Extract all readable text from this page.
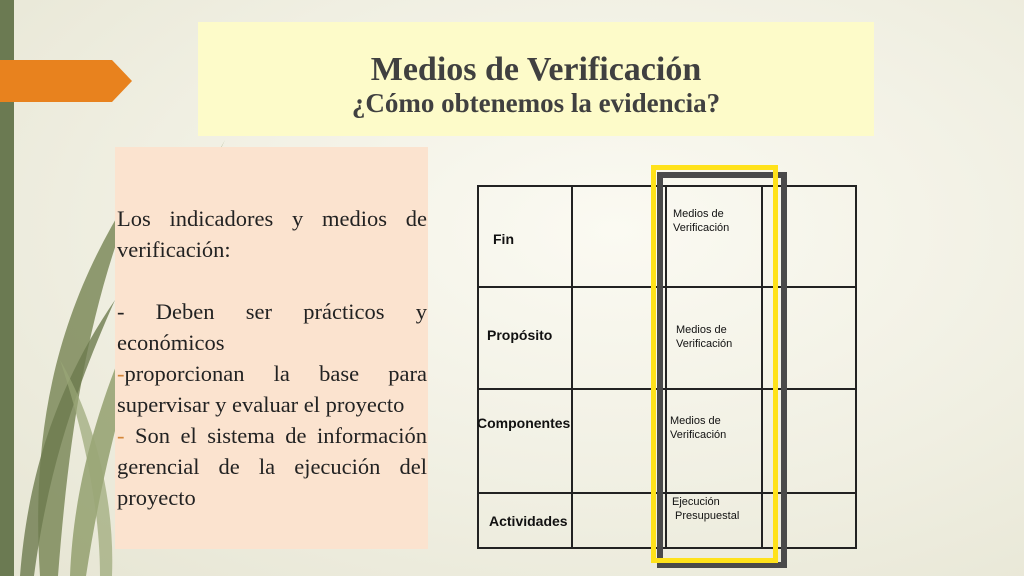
Medios de Verificación
¿Cómo obtenemos la evidencia?

Los indicadores y medios de verificación:

- Deben ser prácticos y económicos

-proporcionan la base para supervisar y evaluar el proyecto

- Son el sistema de información gerencial de la ejecución del proyecto

Fin
Propósito
Componentes
Actividades
Medios de
Verificación
Medios de
Verificación
Medios de
Verificación
Ejecución
Presupuestal
